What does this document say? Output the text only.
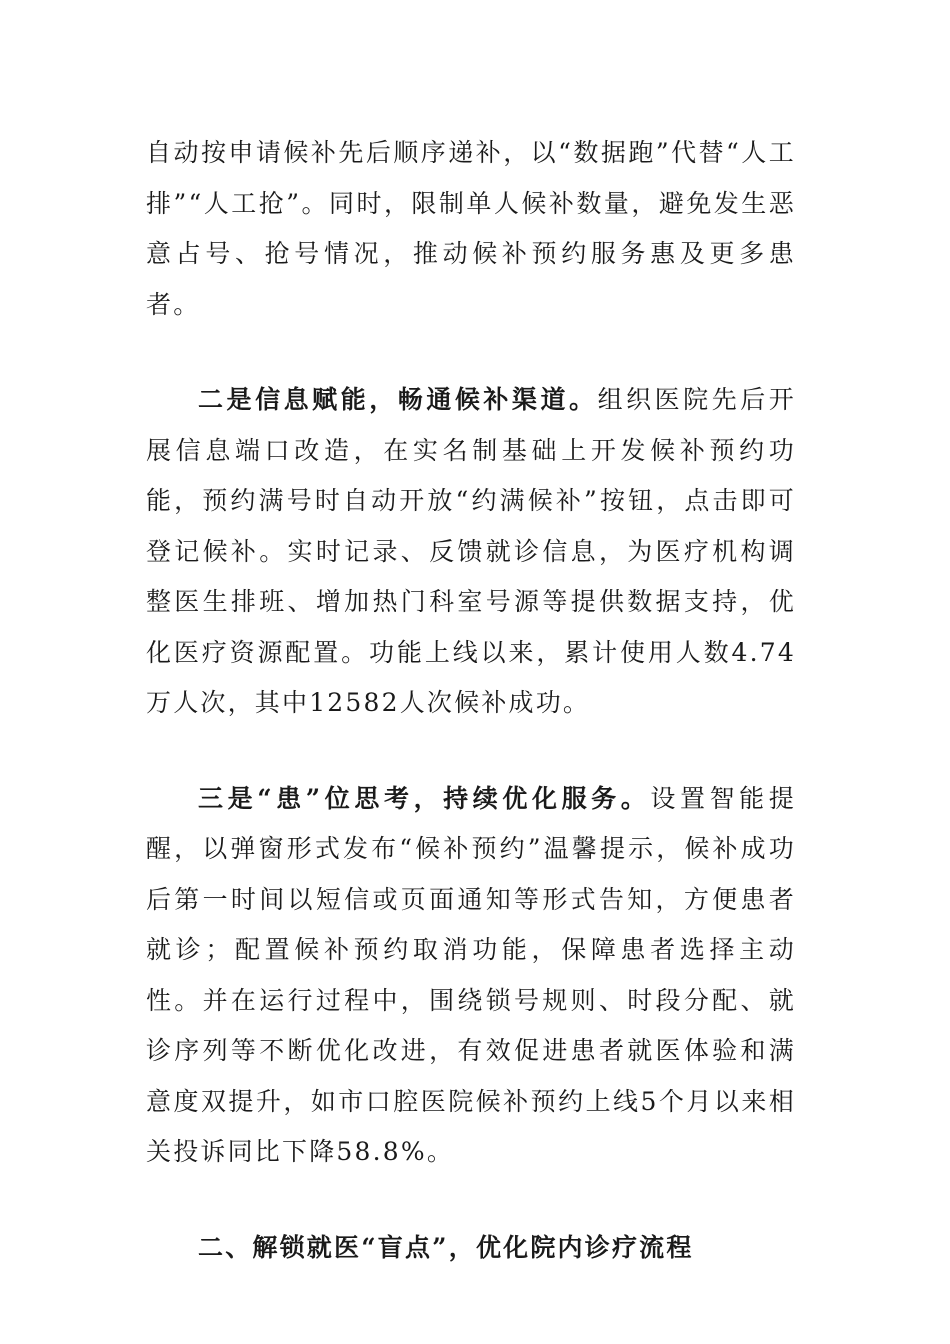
自动按申请候补先后顺序递补，以“数据跑”代替“人工排”“人工抢”。同时，限制单人候补数量，避免发生恶意占号、抢号情况，推动候补预约服务惠及更多患者。

二是信息赋能，畅通候补渠道。组织医院先后开展信息端口改造，在实名制基础上开发候补预约功能，预约满号时自动开放“约满候补”按钮，点击即可登记候补。实时记录、反馈就诊信息，为医疗机构调整医生排班、增加热门科室号源等提供数据支持，优化医疗资源配置。功能上线以来，累计使用人数4.74万人次，其中12582人次候补成功。

三是“患”位思考，持续优化服务。设置智能提醒，以弹窗形式发布“候补预约”温馨提示，候补成功后第一时间以短信或页面通知等形式告知，方便患者就诊；配置候补预约取消功能，保障患者选择主动性。并在运行过程中，围绕锁号规则、时段分配、就诊序列等不断优化改进，有效促进患者就医体验和满意度双提升，如市口腔医院候补预约上线5个月以来相关投诉同比下降58.8%。

二、解锁就医“盲点”，优化院内诊疗流程
